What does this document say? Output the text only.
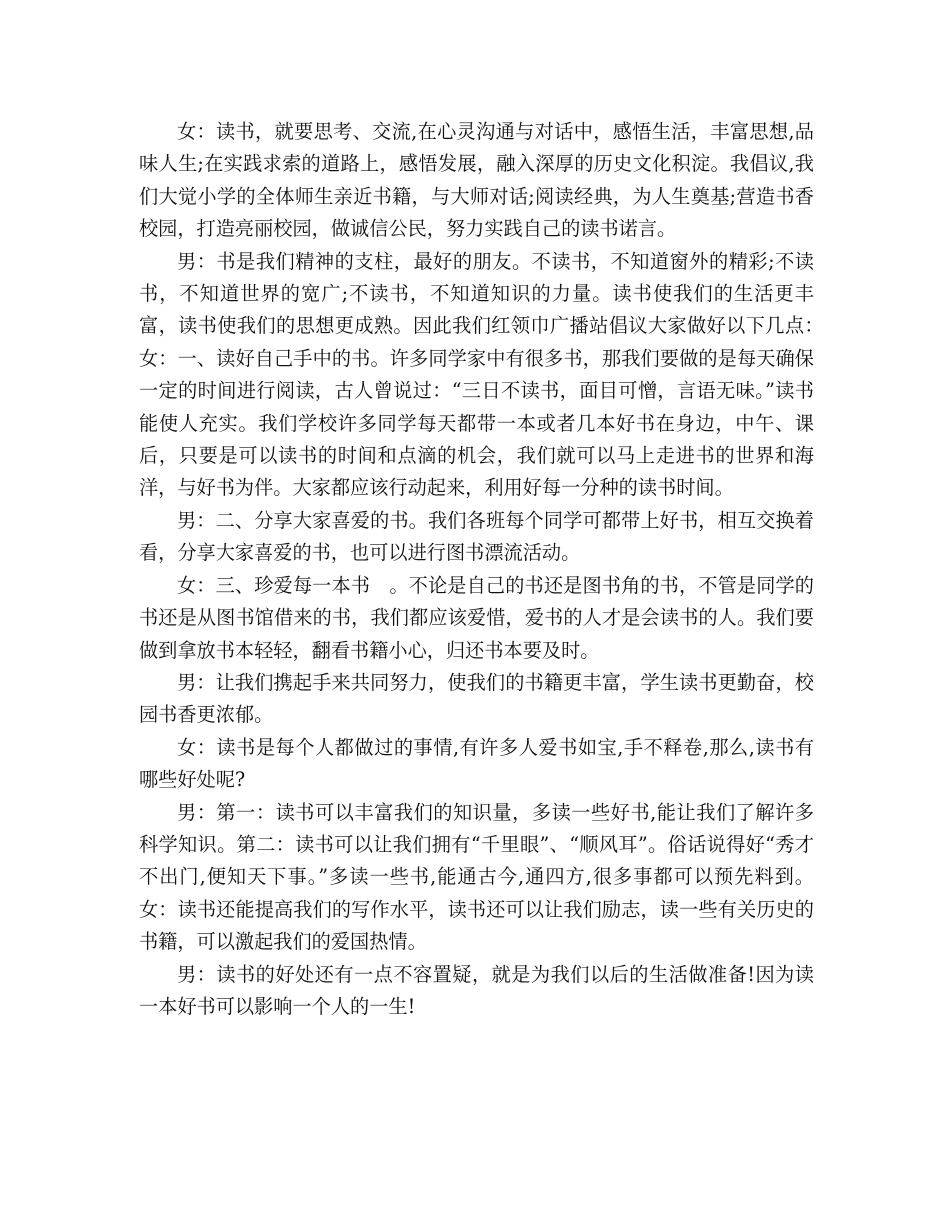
女：读书，就要思考、交流,在心灵沟通与对话中，感悟生活，丰富思想,品味人生;在实践求索的道路上，感悟发展，融入深厚的历史文化积淀。我倡议,我们大觉小学的全体师生亲近书籍，与大师对话;阅读经典，为人生奠基;营造书香校园，打造亮丽校园，做诚信公民，努力实践自己的读书诺言。

男：书是我们精神的支柱，最好的朋友。不读书，不知道窗外的精彩;不读书，不知道世界的宽广;不读书，不知道知识的力量。读书使我们的生活更丰富，读书使我们的思想更成熟。因此我们红领巾广播站倡议大家做好以下几点：　女：一、读好自己手中的书。许多同学家中有很多书，那我们要做的是每天确保一定的时间进行阅读，古人曾说过：“三日不读书，面目可憎，言语无味。”读书能使人充实。我们学校许多同学每天都带一本或者几本好书在身边，中午、课后，只要是可以读书的时间和点滴的机会，我们就可以马上走进书的世界和海洋，与好书为伴。大家都应该行动起来，利用好每一分种的读书时间。

男：二、分享大家喜爱的书。我们各班每个同学可都带上好书，相互交换着看，分享大家喜爱的书，也可以进行图书漂流活动。

女：三、珍爱每一本书　。不论是自己的书还是图书角的书，不管是同学的书还是从图书馆借来的书，我们都应该爱惜，爱书的人才是会读书的人。我们要做到拿放书本轻轻，翻看书籍小心，归还书本要及时。

男：让我们携起手来共同努力，使我们的书籍更丰富，学生读书更勤奋，校园书香更浓郁。

女：读书是每个人都做过的事情,有许多人爱书如宝,手不释卷,那么,读书有哪些好处呢?

男：第一：读书可以丰富我们的知识量，多读一些好书,能让我们了解许多科学知识。第二：读书可以让我们拥有“千里眼”、“顺风耳”。俗话说得好“秀才不出门,便知天下事。”多读一些书,能通古今,通四方,很多事都可以预先料到。女：读书还能提高我们的写作水平，读书还可以让我们励志，读一些有关历史的书籍，可以激起我们的爱国热情。

男：读书的好处还有一点不容置疑，就是为我们以后的生活做准备!因为读一本好书可以影响一个人的一生!
